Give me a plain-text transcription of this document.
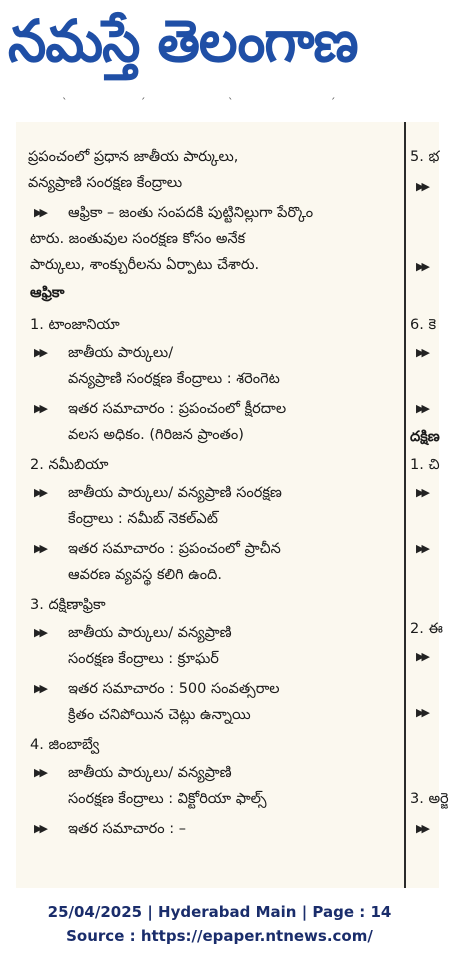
నమస్తే తెలంగాణ
ˋ	ˊ	ˋ	ˊ
ప్రపంచంలో ప్రధాన జాతీయ పార్కులు,
వన్యప్రాణి సంరక్షణ కేంద్రాలు
▶▶ ఆఫ్రికా – జంతు సంపదకి పుట్టినిల్లుగా పేర్కొం
టారు. జంతువుల సంరక్షణ కోసం అనేక
పార్కులు, శాంక్చురీలను ఏర్పాటు చేశారు.
ఆఫ్రికా
1. టాంజానియా
▶▶ జాతీయ పార్కులు/
వన్యప్రాణి సంరక్షణ కేంద్రాలు : శరెంగెట
▶▶ ఇతర సమాచారం : ప్రపంచంలో క్షీరదాల
వలస అధికం. (గిరిజన ప్రాంతం)
2. నమీబియా
▶▶ జాతీయ పార్కులు/ వన్యప్రాణి సంరక్షణ
కేంద్రాలు : నమీబ్ నెకల్‌ఎట్
▶▶ ఇతర సమాచారం : ప్రపంచంలో ప్రాచీన
ఆవరణ వ్యవస్థ కలిగి ఉంది.
3. దక్షిణాఫ్రికా
▶▶ జాతీయ పార్కులు/ వన్యప్రాణి
సంరక్షణ కేంద్రాలు : క్రూఘర్
▶▶ ఇతర సమాచారం : 500 సంవత్సరాల
క్రితం చనిపోయిన చెట్లు ఉన్నాయి
4. జింబాబ్వే
▶▶ జాతీయ పార్కులు/ వన్యప్రాణి
సంరక్షణ కేంద్రాలు : విక్టోరియా ఫాల్స్
▶▶ ఇతర సమాచారం : –
5. భ
▶▶
▶▶
6. కె
▶▶
▶▶
దక్షిణ
1. చి
▶▶
▶▶
2. ఈ
▶▶
▶▶
3. అర్జె
▶▶
25/04/2025 | Hyderabad Main | Page : 14
Source : https://epaper.ntnews.com/
